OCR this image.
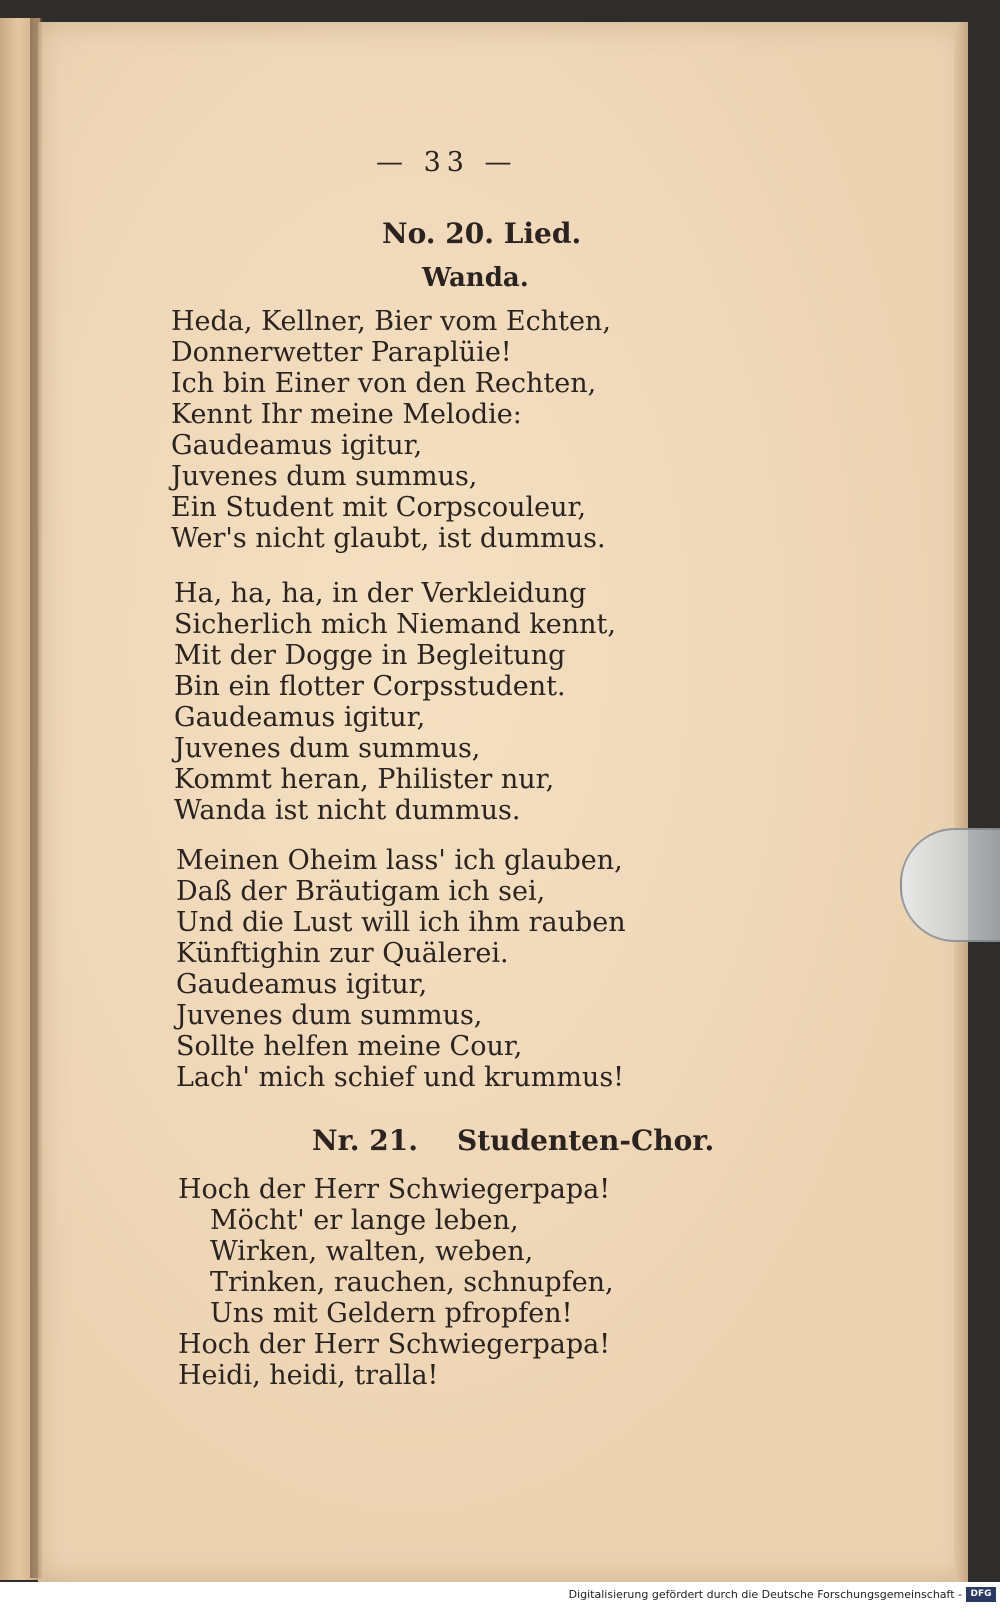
— 33 —
No. 20. Lied.
Wanda.
Heda, Kellner, Bier vom Echten,
Donnerwetter Paraplüie!
Ich bin Einer von den Rechten,
Kennt Ihr meine Melodie:
Gaudeamus igitur,
Juvenes dum summus,
Ein Student mit Corpscouleur,
Wer's nicht glaubt, ist dummus.
Ha, ha, ha, in der Verkleidung
Sicherlich mich Niemand kennt,
Mit der Dogge in Begleitung
Bin ein flotter Corpsstudent.
Gaudeamus igitur,
Juvenes dum summus,
Kommt heran, Philister nur,
Wanda ist nicht dummus.
Meinen Oheim lass' ich glauben,
Daß der Bräutigam ich sei,
Und die Lust will ich ihm rauben
Künftighin zur Quälerei.
Gaudeamus igitur,
Juvenes dum summus,
Sollte helfen meine Cour,
Lach' mich schief und krummus!
Nr. 21.    Studenten-Chor.
Hoch der Herr Schwiegerpapa!
Möcht' er lange leben,
Wirken, walten, weben,
Trinken, rauchen, schnupfen,
Uns mit Geldern pfropfen!
Hoch der Herr Schwiegerpapa!
Heidi, heidi, tralla!
Digitalisierung gefördert durch die Deutsche Forschungsgemeinschaft - DFG
